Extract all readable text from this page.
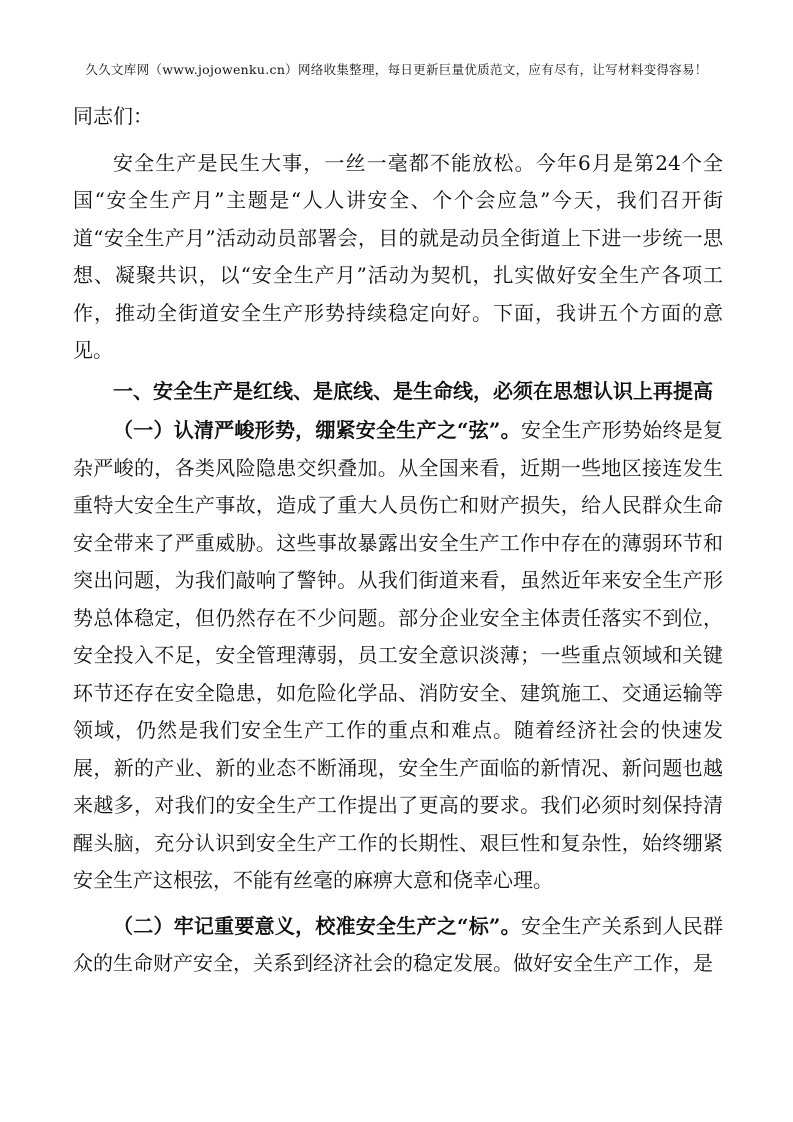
久久文库网（www.jojowenku.cn）网络收集整理，每日更新巨量优质范文，应有尽有，让写材料变得容易！

同志们：

安全生产是民生大事，一丝一毫都不能放松。今年6月是第24个全国“安全生产月”主题是“人人讲安全、个个会应急”今天，我们召开街道“安全生产月”活动动员部署会，目的就是动员全街道上下进一步统一思想、凝聚共识，以“安全生产月”活动为契机，扎实做好安全生产各项工作，推动全街道安全生产形势持续稳定向好。下面，我讲五个方面的意见。

一、安全生产是红线、是底线、是生命线，必须在思想认识上再提高

（一）认清严峻形势，绷紧安全生产之“弦”。安全生产形势始终是复杂严峻的，各类风险隐患交织叠加。从全国来看，近期一些地区接连发生重特大安全生产事故，造成了重大人员伤亡和财产损失，给人民群众生命安全带来了严重威胁。这些事故暴露出安全生产工作中存在的薄弱环节和突出问题，为我们敲响了警钟。从我们街道来看，虽然近年来安全生产形势总体稳定，但仍然存在不少问题。部分企业安全主体责任落实不到位，安全投入不足，安全管理薄弱，员工安全意识淡薄；一些重点领域和关键环节还存在安全隐患，如危险化学品、消防安全、建筑施工、交通运输等领域，仍然是我们安全生产工作的重点和难点。随着经济社会的快速发展，新的产业、新的业态不断涌现，安全生产面临的新情况、新问题也越来越多，对我们的安全生产工作提出了更高的要求。我们必须时刻保持清醒头脑，充分认识到安全生产工作的长期性、艰巨性和复杂性，始终绷紧安全生产这根弦，不能有丝毫的麻痹大意和侥幸心理。

（二）牢记重要意义，校准安全生产之“标”。安全生产关系到人民群众的生命财产安全，关系到经济社会的稳定发展。做好安全生产工作，是
